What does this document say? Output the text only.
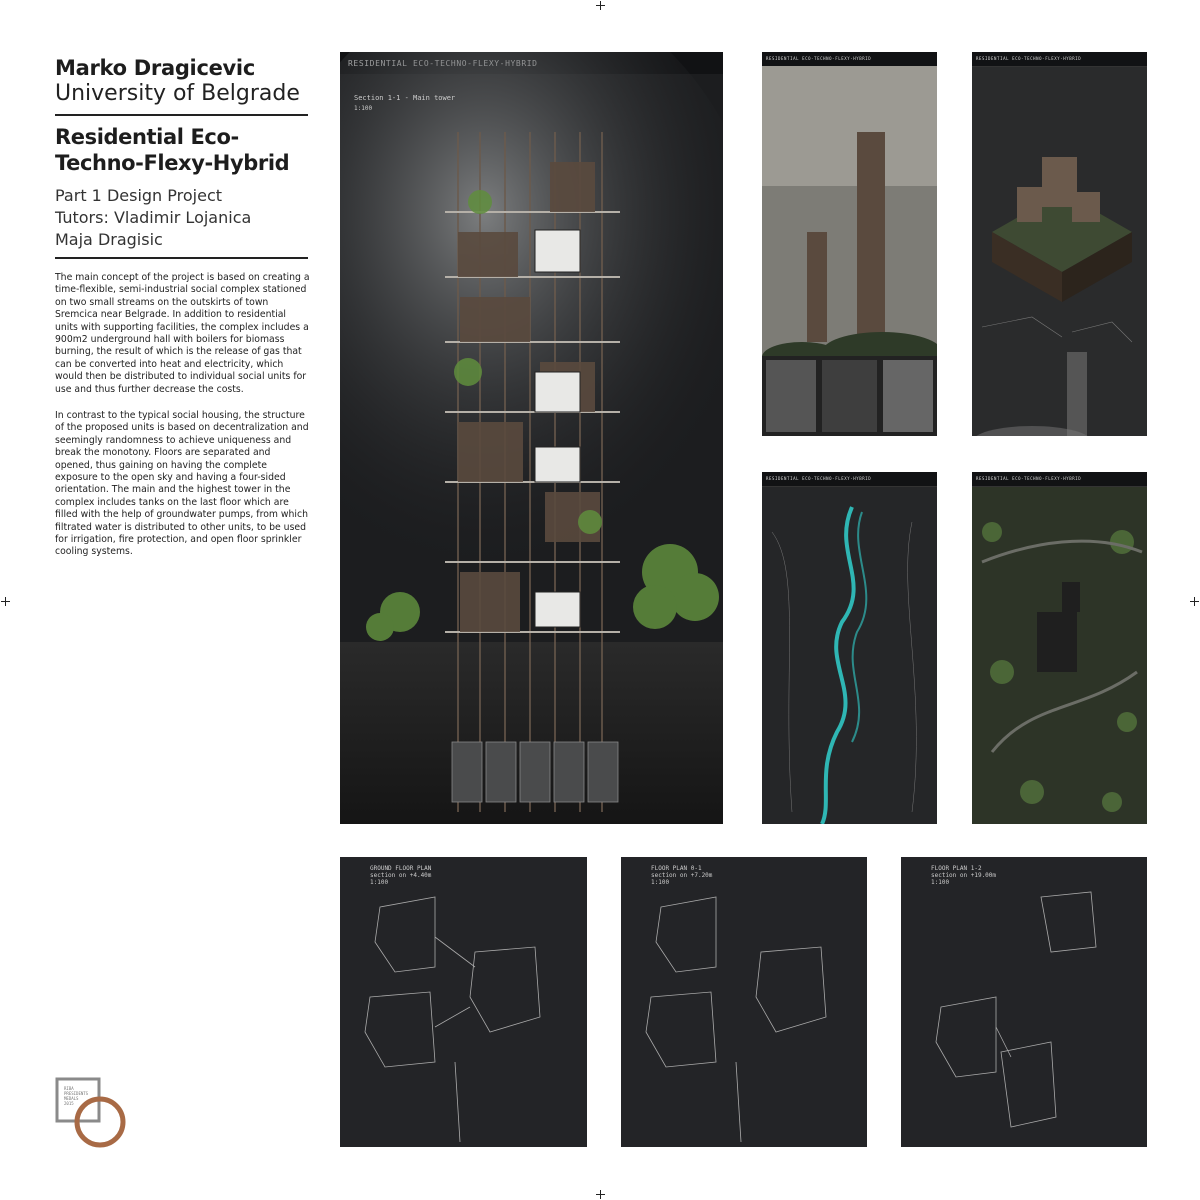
Marko Dragicevic
University of Belgrade
Residential Eco-
Techno-Flexy-Hybrid
Part 1 Design Project
Tutors: Vladimir Lojanica
Maja Dragisic
The main concept of the project is based on creating a time-flexible, semi-industrial social complex stationed on two small streams on the outskirts of town Sremcica near Belgrade. In addition to residential units with supporting facilities, the complex includes a 900m2 underground hall with boilers for biomass burning, the result of which is the release of gas that can be converted into heat and electricity, which would then be distributed to individual social units for use and thus further decrease the costs.
In contrast to the typical social housing, the structure of the proposed units is based on decentralization and seemingly randomness to achieve uniqueness and break the monotony. Floors are separated and opened, thus gaining on having the complete exposure to the open sky and having a four-sided orientation. The main and the highest tower in the complex includes tanks on the last floor which are filled with the help of groundwater pumps, from which filtrated water is distributed to other units, to be used for irrigation, fire protection, and open floor sprinkler cooling systems.
Section 1-1 - Main tower
1:100
RESIDENTIAL ECO-TECHNO-FLEXY-HYBRID	RESIDENTIAL ECO-TECHNO-FLEXY-HYBRID
RESIDENTIAL ECO-TECHNO-FLEXY-HYBRID	RESIDENTIAL ECO-TECHNO-FLEXY-HYBRID
GROUND FLOOR PLAN
section on +4.40m
1:100
FLOOR PLAN 0-1
section on +7.20m
1:100
FLOOR PLAN 1-2
section on +19.00m
1:100
RIBA
PRESIDENTS
MEDALS
2015
